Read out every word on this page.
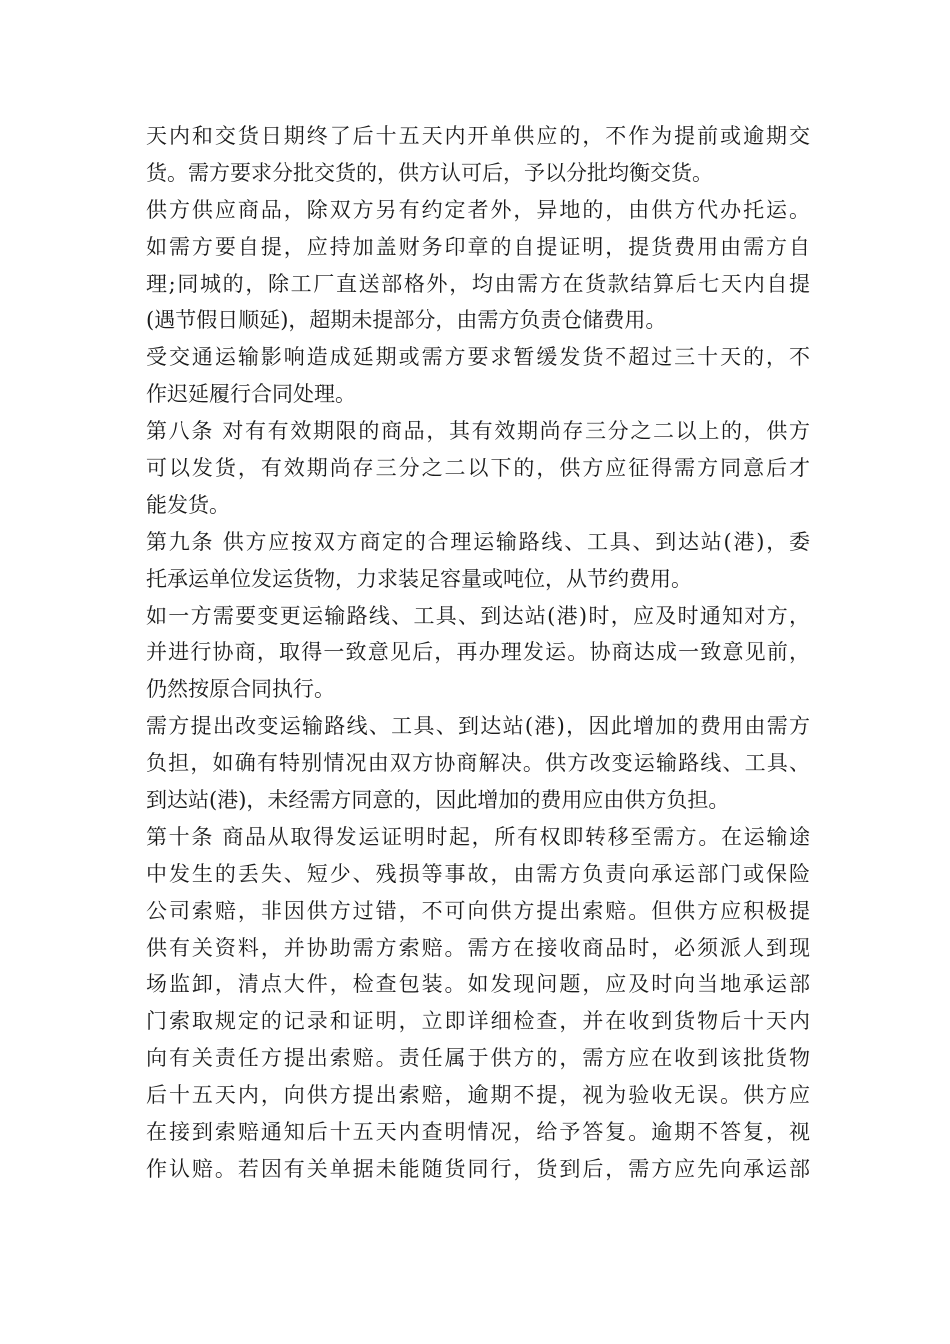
天内和交货日期终了后十五天内开单供应的，不作为提前或逾期交
货。需方要求分批交货的，供方认可后，予以分批均衡交货。
供方供应商品，除双方另有约定者外，异地的，由供方代办托运。
如需方要自提，应持加盖财务印章的自提证明，提货费用由需方自
理;同城的，除工厂直送部格外，均由需方在货款结算后七天内自提
(遇节假日顺延)，超期未提部分，由需方负责仓储费用。
受交通运输影响造成延期或需方要求暂缓发货不超过三十天的，不
作迟延履行合同处理。
第八条 对有有效期限的商品，其有效期尚存三分之二以上的，供方
可以发货，有效期尚存三分之二以下的，供方应征得需方同意后才
能发货。
第九条 供方应按双方商定的合理运输路线、工具、到达站(港)，委
托承运单位发运货物，力求装足容量或吨位，从节约费用。
如一方需要变更运输路线、工具、到达站(港)时，应及时通知对方，
并进行协商，取得一致意见后，再办理发运。协商达成一致意见前，
仍然按原合同执行。
需方提出改变运输路线、工具、到达站(港)，因此增加的费用由需方
负担，如确有特别情况由双方协商解决。供方改变运输路线、工具、
到达站(港)，未经需方同意的，因此增加的费用应由供方负担。
第十条 商品从取得发运证明时起，所有权即转移至需方。在运输途
中发生的丢失、短少、残损等事故，由需方负责向承运部门或保险
公司索赔，非因供方过错，不可向供方提出索赔。但供方应积极提
供有关资料，并协助需方索赔。需方在接收商品时，必须派人到现
场监卸，清点大件，检查包装。如发现问题，应及时向当地承运部
门索取规定的记录和证明，立即详细检查，并在收到货物后十天内
向有关责任方提出索赔。责任属于供方的，需方应在收到该批货物
后十五天内，向供方提出索赔，逾期不提，视为验收无误。供方应
在接到索赔通知后十五天内查明情况，给予答复。逾期不答复，视
作认赔。若因有关单据未能随货同行，货到后，需方应先向承运部
